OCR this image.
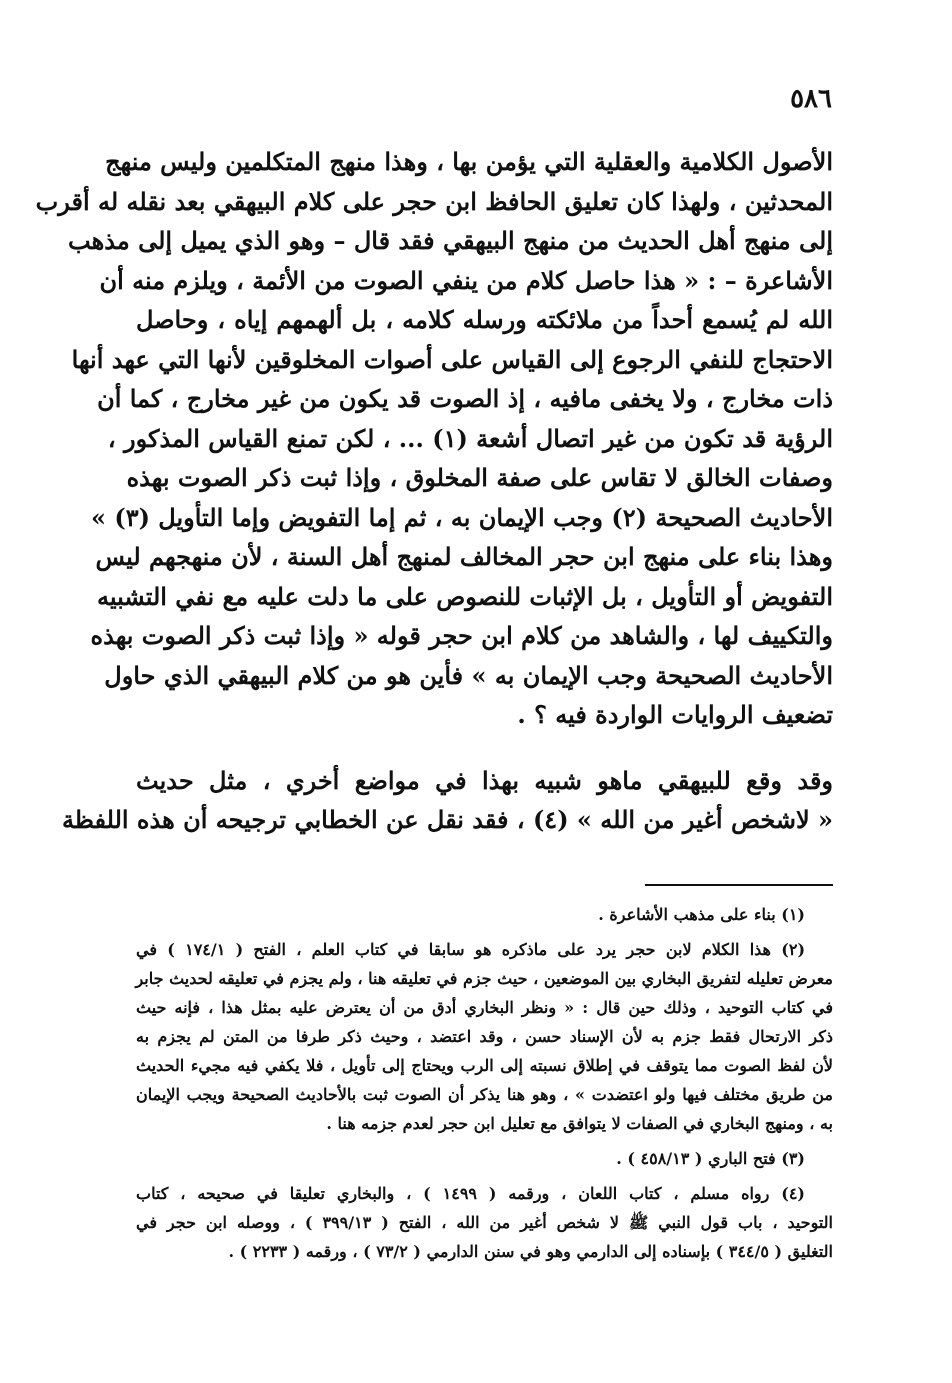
٥٨٦
الأصول الكلامية والعقلية التي يؤمن بها ، وهذا منهج المتكلمين وليس منهج
المحدثين ، ولهذا كان تعليق الحافظ ابن حجر على كلام البيهقي بعد نقله له أقرب
إلى منهج أهل الحديث من منهج البيهقي فقد قال – وهو الذي يميل إلى مذهب
الأشاعرة – : « هذا حاصل كلام من ينفي الصوت من الأئمة ، ويلزم منه أن
الله لم يُسمع أحداً من ملائكته ورسله كلامه ، بل ألهمهم إياه ، وحاصل
الاحتجاج للنفي الرجوع إلى القياس على أصوات المخلوقين لأنها التي عهد أنها
ذات مخارج ، ولا يخفى مافيه ، إذ الصوت قد يكون من غير مخارج ، كما أن
الرؤية قد تكون من غير اتصال أشعة (١) ... ، لكن تمنع القياس المذكور ،
وصفات الخالق لا تقاس على صفة المخلوق ، وإذا ثبت ذكر الصوت بهذه
الأحاديث الصحيحة (٢) وجب الإيمان به ، ثم إما التفويض وإما التأويل (٣) »
وهذا بناء على منهج ابن حجر المخالف لمنهج أهل السنة ، لأن منهجهم ليس
التفويض أو التأويل ، بل الإثبات للنصوص على ما دلت عليه مع نفي التشبيه
والتكييف لها ، والشاهد من كلام ابن حجر قوله « وإذا ثبت ذكر الصوت بهذه
الأحاديث الصحيحة وجب الإيمان به » فأين هو من كلام البيهقي الذي حاول
تضعيف الروايات الواردة فيه ؟ .
وقد وقع للبيهقي ماهو شبيه بهذا في مواضع أخري ، مثل حديث
« لاشخص أغير من الله » (٤) ، فقد نقل عن الخطابي ترجيحه أن هذه اللفظة
(١) بناء على مذهب الأشاعرة .
(٢) هذا الكلام لابن حجر يرد على ماذكره هو سابقا في كتاب العلم ، الفتح ( ١٧٤/١ ) في
معرض تعليله لتفريق البخاري بين الموضعين ، حيث جزم في تعليقه هنا ، ولم يجزم في تعليقه لحديث جابر
في كتاب التوحيد ، وذلك حين قال : « ونظر البخاري أدق من أن يعترض عليه بمثل هذا ، فإنه حيث
ذكر الارتحال فقط جزم به لأن الإسناد حسن ، وقد اعتضد ، وحيث ذكر طرفا من المتن لم يجزم به
لأن لفظ الصوت مما يتوقف في إطلاق نسبته إلى الرب ويحتاج إلى تأويل ، فلا يكفي فيه مجيء الحديث
من طريق مختلف فيها ولو اعتضدت » ، وهو هنا يذكر أن الصوت ثبت بالأحاديث الصحيحة ويجب الإيمان
به ، ومنهج البخاري في الصفات لا يتوافق مع تعليل ابن حجر لعدم جزمه هنا .
(٣) فتح الباري ( ٤٥٨/١٣ ) .
(٤) رواه مسلم ، كتاب اللعان ، ورقمه ( ١٤٩٩ ) ، والبخاري تعليقا في صحيحه ، كتاب
التوحيد ، باب قول النبي ﷺ لا شخص أغير من الله ، الفتح ( ٣٩٩/١٣ ) ، ووصله ابن حجر في
التغليق ( ٣٤٤/٥ ) بإسناده إلى الدارمي وهو في سنن الدارمي ( ٧٣/٢ ) ، ورقمه ( ٢٢٣٣ ) .
